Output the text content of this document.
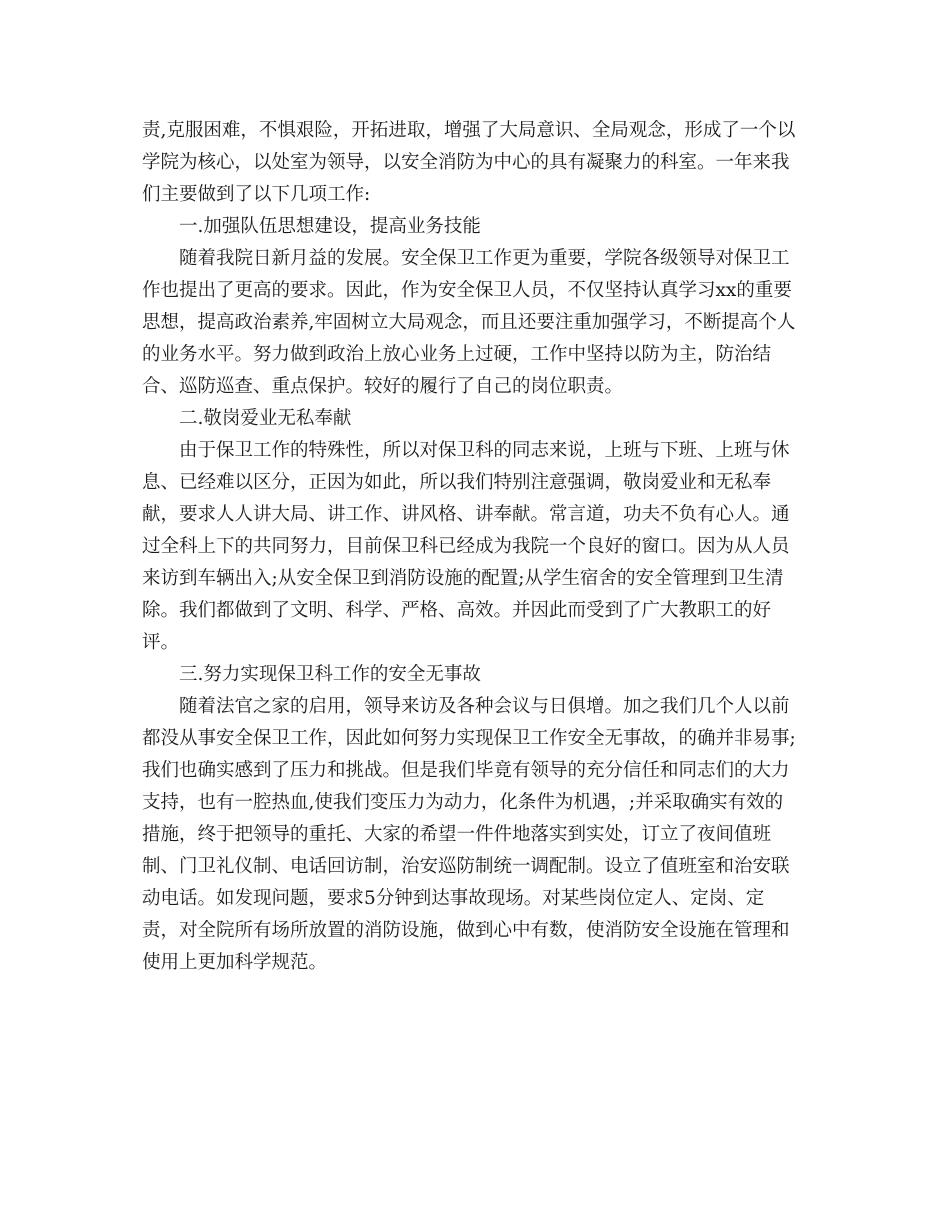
责,克服困难，不惧艰险，开拓进取，增强了大局意识、全局观念，形成了一个以
学院为核心，以处室为领导，以安全消防为中心的具有凝聚力的科室。一年来我
们主要做到了以下几项工作:
一.加强队伍思想建设，提高业务技能
随着我院日新月益的发展。安全保卫工作更为重要，学院各级领导对保卫工
作也提出了更高的要求。因此，作为安全保卫人员，不仅坚持认真学习xx的重要
思想，提高政治素养,牢固树立大局观念，而且还要注重加强学习，不断提高个人
的业务水平。努力做到政治上放心业务上过硬，工作中坚持以防为主，防治结
合、巡防巡查、重点保护。较好的履行了自己的岗位职责。
二.敬岗爱业无私奉献
由于保卫工作的特殊性，所以对保卫科的同志来说，上班与下班、上班与休
息、已经难以区分，正因为如此，所以我们特别注意强调，敬岗爱业和无私奉
献，要求人人讲大局、讲工作、讲风格、讲奉献。常言道，功夫不负有心人。通
过全科上下的共同努力，目前保卫科已经成为我院一个良好的窗口。因为从人员
来访到车辆出入;从安全保卫到消防设施的配置;从学生宿舍的安全管理到卫生清
除。我们都做到了文明、科学、严格、高效。并因此而受到了广大教职工的好
评。
三.努力实现保卫科工作的安全无事故
随着法官之家的启用，领导来访及各种会议与日俱增。加之我们几个人以前
都没从事安全保卫工作，因此如何努力实现保卫工作安全无事故，的确并非易事;
我们也确实感到了压力和挑战。但是我们毕竟有领导的充分信任和同志们的大力
支持，也有一腔热血,使我们变压力为动力，化条件为机遇，;并采取确实有效的
措施，终于把领导的重托、大家的希望一件件地落实到实处，订立了夜间值班
制、门卫礼仪制、电话回访制，治安巡防制统一调配制。设立了值班室和治安联
动电话。如发现问题，要求5分钟到达事故现场。对某些岗位定人、定岗、定
责，对全院所有场所放置的消防设施，做到心中有数，使消防安全设施在管理和
使用上更加科学规范。
